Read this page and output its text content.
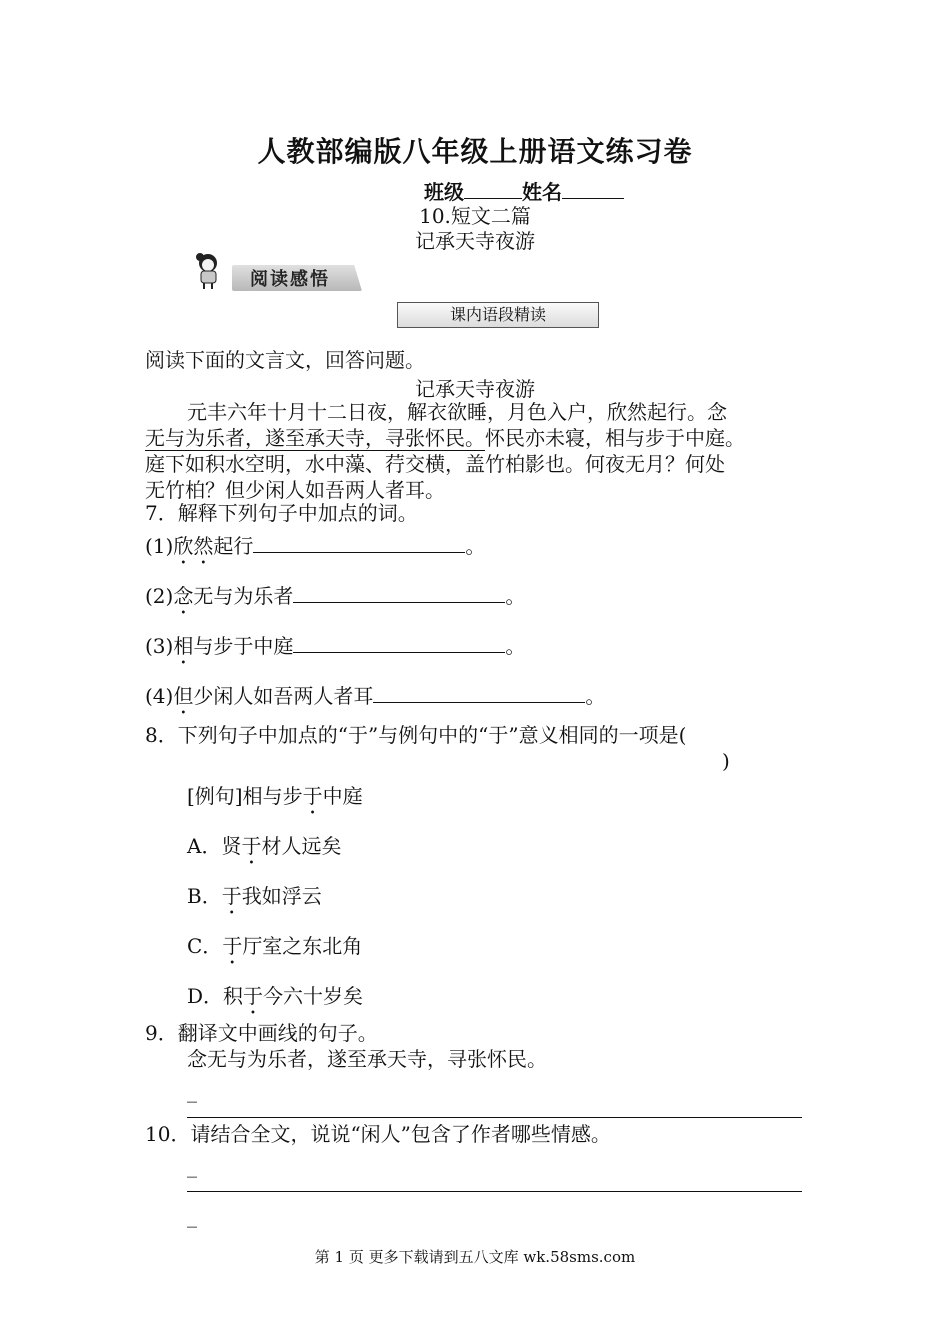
人教部编版八年级上册语文练习卷
班级	姓名
10.短文二篇
记承天寺夜游
阅读感悟
课内语段精读
阅读下面的文言文，回答问题。
记承天寺夜游
元丰六年十月十二日夜，解衣欲睡，月色入户，欣然起行。念
无与为乐者，遂至承天寺，寻张怀民。怀民亦未寝，相与步于中庭。
庭下如积水空明，水中藻、荇交横，盖竹柏影也。何夜无月？何处
无竹柏？但少闲人如吾两人者耳。
7．解释下列句子中加点的词。
(1)欣然起行	。
(2)念无与为乐者	。
(3)相与步于中庭	。
(4)但少闲人如吾两人者耳	。
8．下列句子中加点的“于”与例句中的“于”意义相同的一项是(
)
[例句]相与步于中庭
A．贤于材人远矣
B．于我如浮云
C．于厅室之东北角
D．积于今六十岁矣
9．翻译文中画线的句子。
念无与为乐者，遂至承天寺，寻张怀民。
_
10．请结合全文，说说“闲人”包含了作者哪些情感。
_
_
第 1 页 更多下载请到五八文库 wk.58sms.com
